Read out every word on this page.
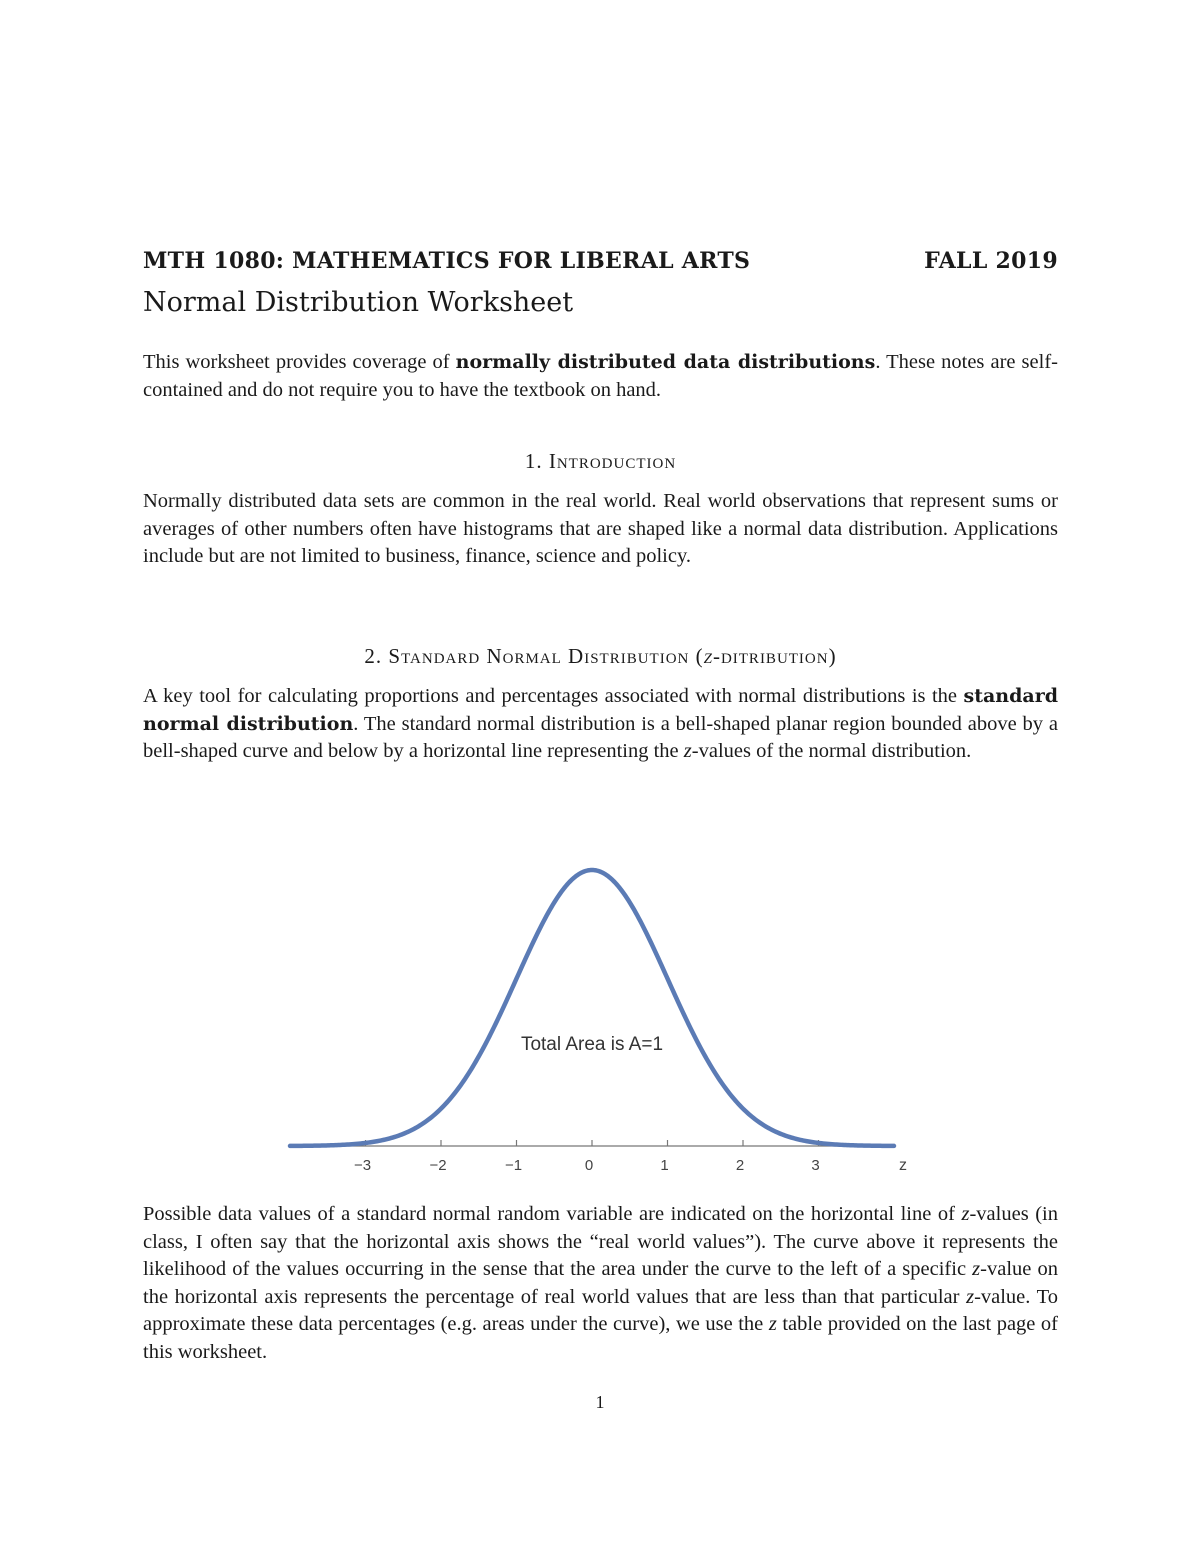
MTH 1080: MATHEMATICS FOR LIBERAL ARTS	FALL 2019
Normal Distribution Worksheet

This worksheet provides coverage of normally distributed data distributions. These notes are self-contained and do not require you to have the textbook on hand.

1. Introduction

Normally distributed data sets are common in the real world. Real world observations that represent sums or averages of other numbers often have histograms that are shaped like a normal data distribution. Applications include but are not limited to business, finance, science and policy.

2. Standard Normal Distribution (z-ditribution)

A key tool for calculating proportions and percentages associated with normal distributions is the standard normal distribution. The standard normal distribution is a bell-shaped planar region bounded above by a bell-shaped curve and below by a horizontal line representing the z-values of the normal distribution.

−3	−2	−1	0	1	2	3
Total Area is A=1
z

Possible data values of a standard normal random variable are indicated on the horizontal line of z-values (in class, I often say that the horizontal axis shows the “real world values”). The curve above it represents the likelihood of the values occurring in the sense that the area under the curve to the left of a specific z-value on the horizontal axis represents the percentage of real world values that are less than that particular z-value. To approximate these data percentages (e.g. areas under the curve), we use the z table provided on the last page of this worksheet.

1
